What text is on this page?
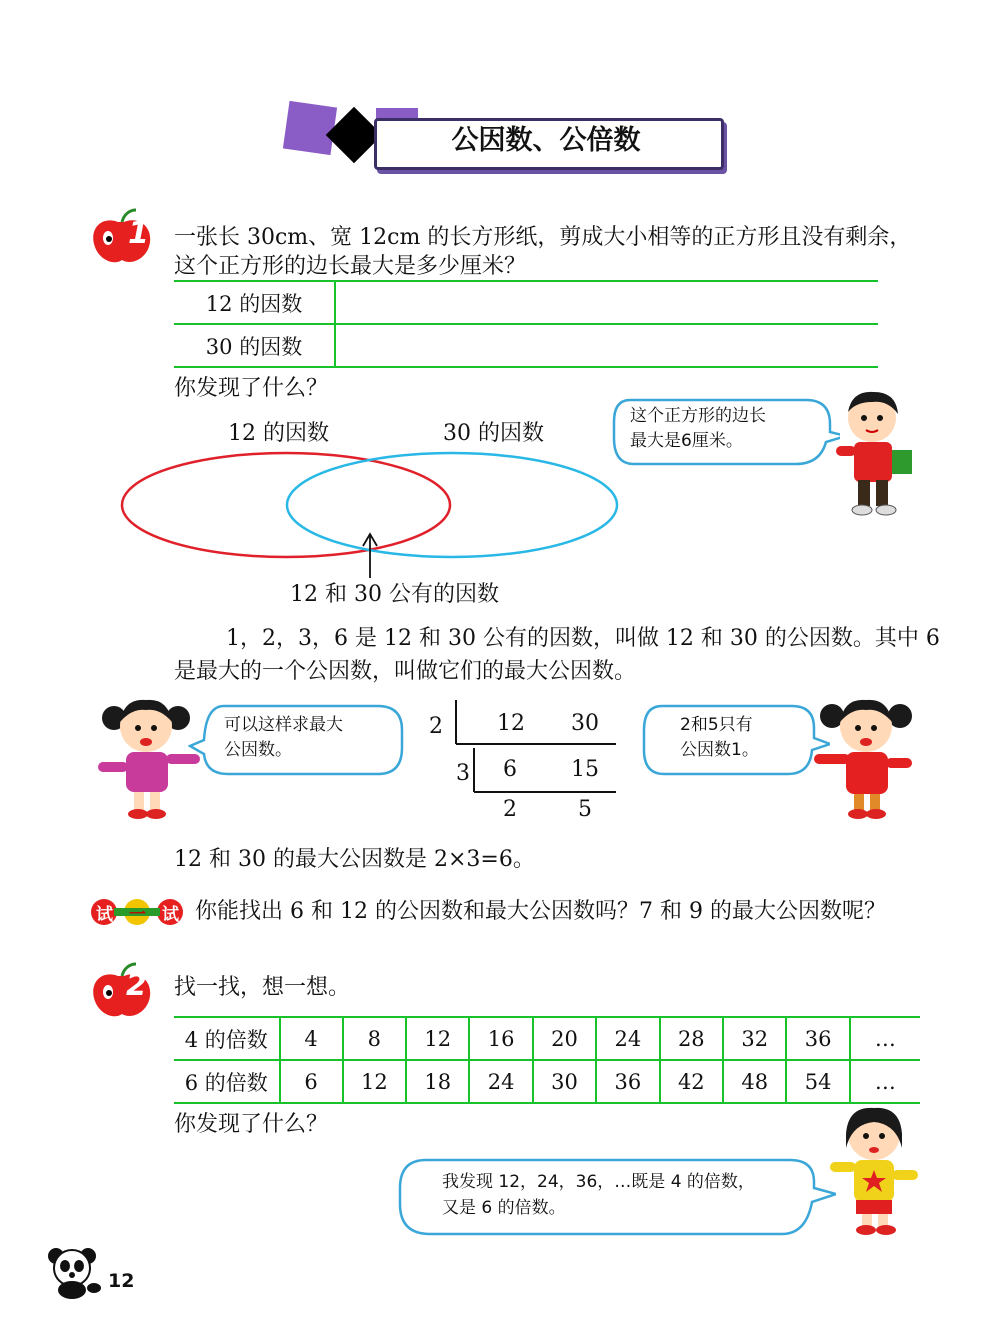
公因数、公倍数
1 一张长 30cm、宽 12cm 的长方形纸，剪成大小相等的正方形且没有剩余，
这个正方形的边长最大是多少厘米？
12 的因数	
30 的因数	
你发现了什么？
这个正方形的边长
最大是6厘米。
12 的因数	30 的因数
12 和 30 公有的因数
1，2，3，6 是 12 和 30 公有的因数，叫做 12 和 30 的公因数。其中 6
是最大的一个公因数，叫做它们的最大公因数。
可以这样求最大
公因数。
2 12 30
3 6 15
2	5
2和5只有
公因数1。
12 和 30 的最大公因数是 2×3=6。
试 一 试 你能找出 6 和 12 的公因数和最大公因数吗？7 和 9 的最大公因数呢？
2 找一找，想一想。
4 的倍数	4	8	12	16	20	24	28	32	36	…
6 的倍数	6	12	18	24	30	36	42	48	54	…
你发现了什么？
我发现 12，24，36，…既是 4 的倍数，
又是 6 的倍数。
12
